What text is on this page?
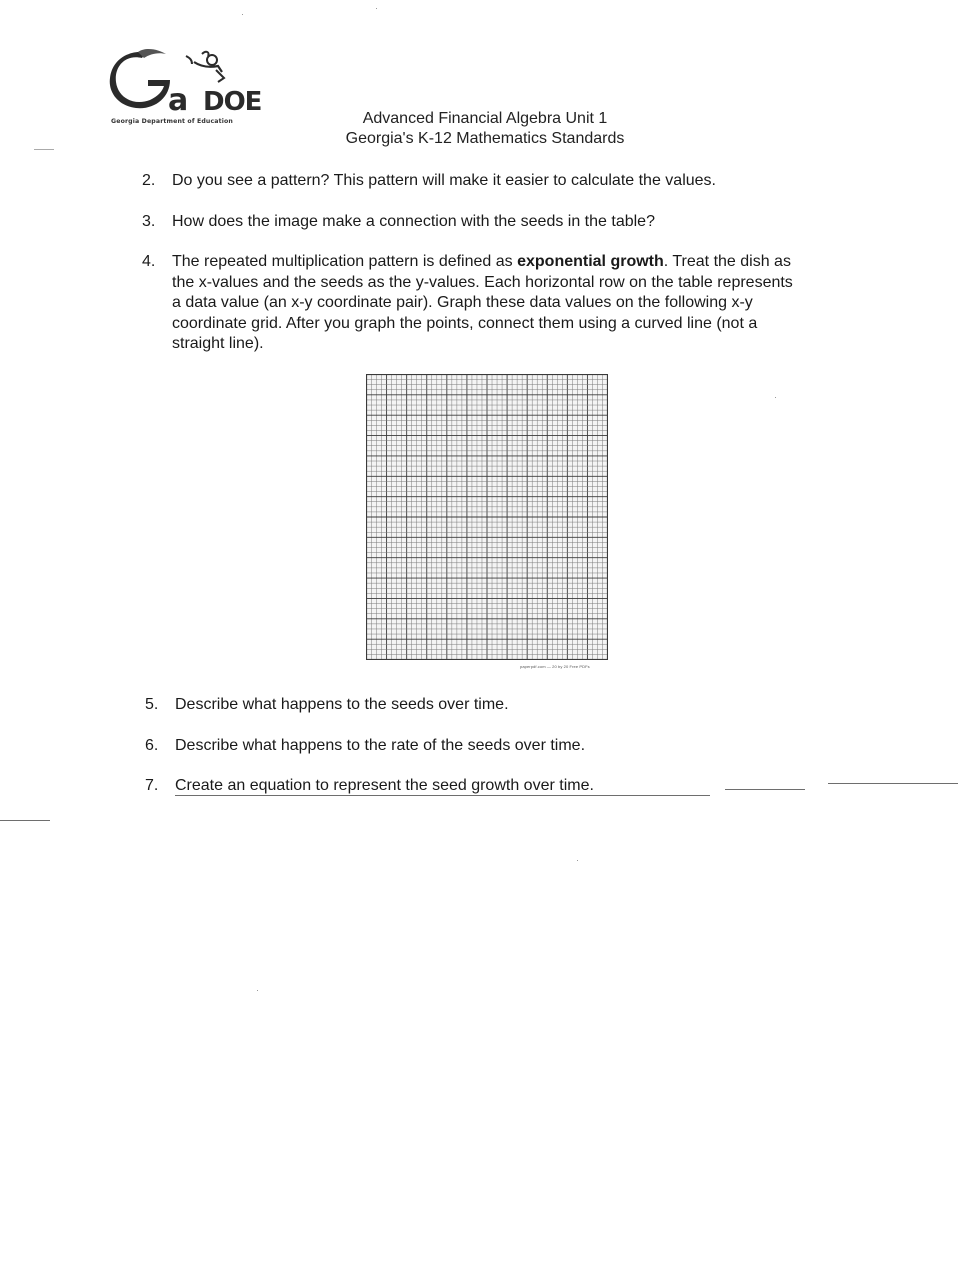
a DOE
Georgia Department of Education	Advanced Financial Algebra Unit 1
Georgia's K-12 Mathematics Standards
2.	Do you see a pattern? This pattern will make it easier to calculate the values.
3.	How does the image make a connection with the seeds in the table?
4.	The repeated multiplication pattern is defined as exponential growth. Treat the dish as
the x-values and the seeds as the y-values. Each horizontal row on the table represents
a data value (an x-y coordinate pair). Graph these data values on the following x-y
coordinate grid. After you graph the points, connect them using a curved line (not a
straight line).
paperpdf.com — 20 by 20 Free PDFs
5.	Describe what happens to the seeds over time.
6.	Describe what happens to the rate of the seeds over time.
7.	Create an equation to represent the seed growth over time.
